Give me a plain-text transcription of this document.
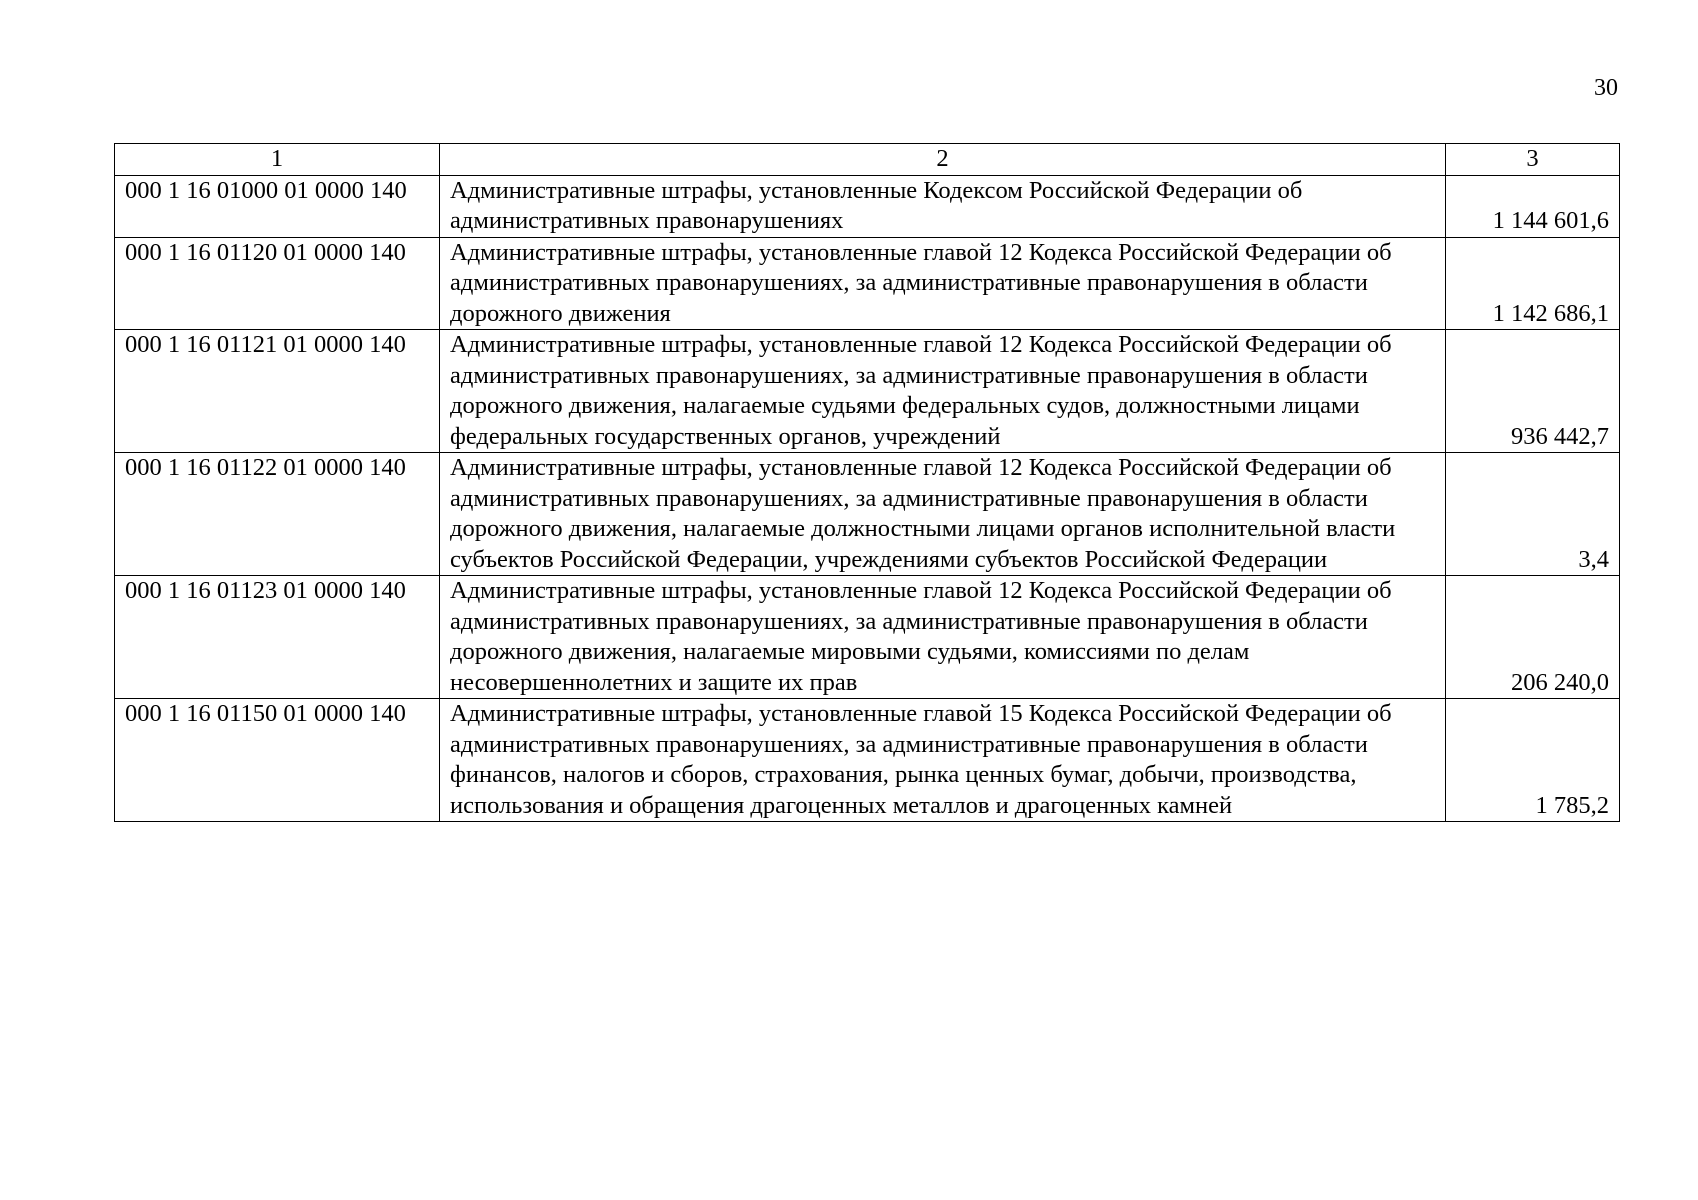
30
1	2	3
000 1 16 01000 01 0000 140	Административные штрафы, установленные Кодексом Российской Федерации об административных правонарушениях	1 144 601,6
000 1 16 01120 01 0000 140	Административные штрафы, установленные главой 12 Кодекса Российской Федерации об административных правонарушениях, за административные правонарушения в области дорожного движения	1 142 686,1
000 1 16 01121 01 0000 140	Административные штрафы, установленные главой 12 Кодекса Российской Федерации об административных правонарушениях, за административные правонарушения в области дорожного движения, налагаемые судьями федеральных судов, должностными лицами федеральных государственных органов, учреждений	936 442,7
000 1 16 01122 01 0000 140	Административные штрафы, установленные главой 12 Кодекса Российской Федерации об административных правонарушениях, за административные правонарушения в области дорожного движения, налагаемые должностными лицами органов исполнительной власти субъектов Российской Федерации, учреждениями субъектов Российской Федерации	3,4
000 1 16 01123 01 0000 140	Административные штрафы, установленные главой 12 Кодекса Российской Федерации об административных правонарушениях, за административные правонарушения в области дорожного движения, налагаемые мировыми судьями, комиссиями по делам несовершеннолетних и защите их прав	206 240,0
000 1 16 01150 01 0000 140	Административные штрафы, установленные главой 15 Кодекса Российской Федерации об административных правонарушениях, за административные правонарушения в области финансов, налогов и сборов, страхования, рынка ценных бумаг, добычи, производства, использования и обращения драгоценных металлов и драгоценных камней	1 785,2
